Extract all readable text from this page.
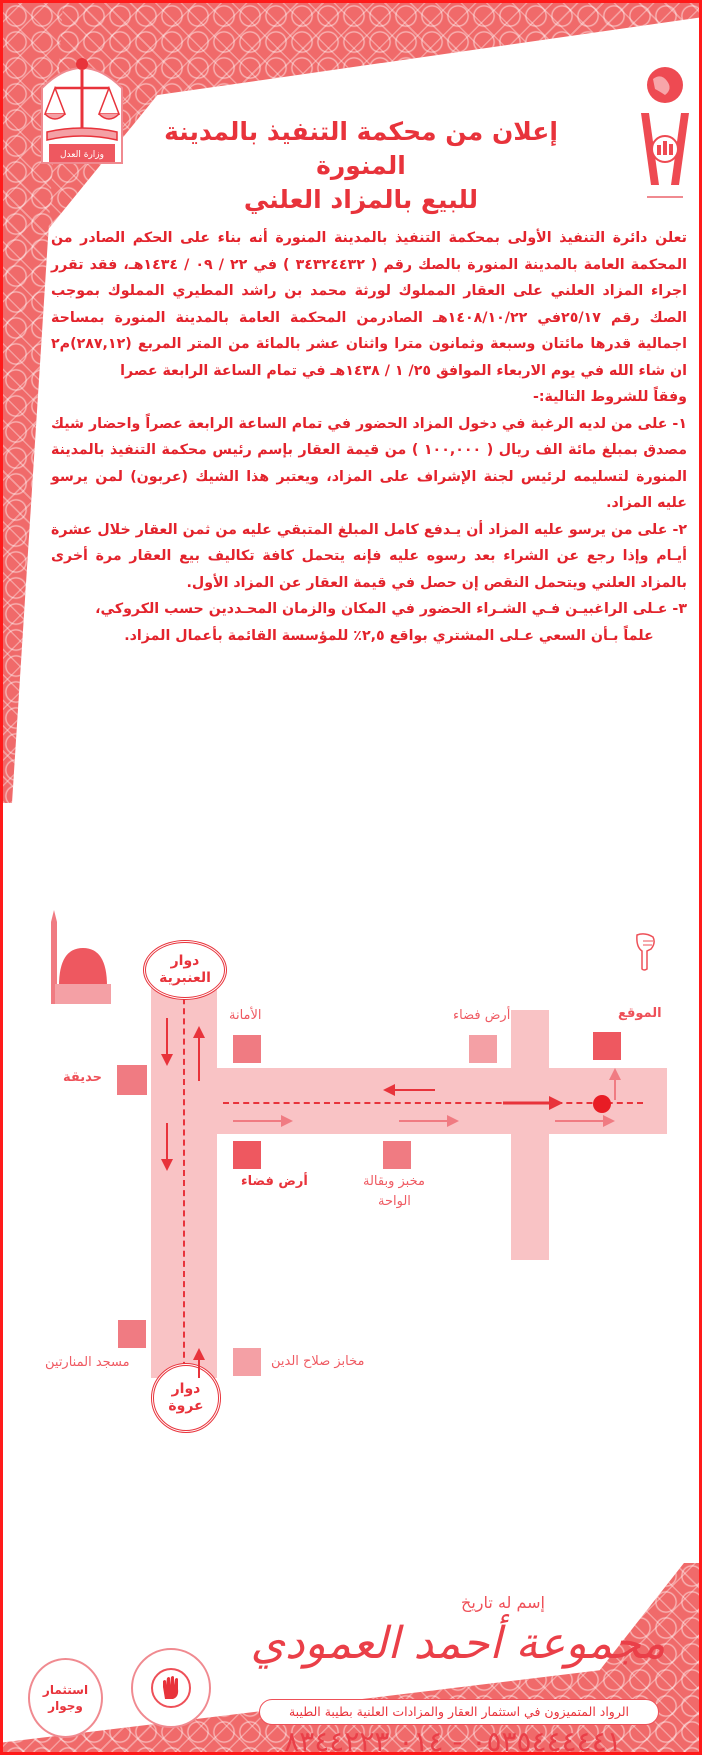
وزارة العدل
إعلان من محكمة التنفيذ بالمدينة المنورة
للبيع بالمزاد العلني

تعلن دائرة التنفيذ الأولى بمحكمة التنفيذ بالمدينة المنورة أنه بناء على الحكم الصادر من المحكمة العامة بالمدينة المنورة بالصك رقم ( ٣٤٣٢٤٤٣٢ ) في ٢٢ / ٠٩ / ١٤٣٤هـ، فقد تقرر اجراء المزاد العلني على العقار المملوك لورثة محمد بن راشد المطيري المملوك بموجب الصك رقم ٢٥/١٧في ١٤٠٨/١٠/٢٢هـ الصادرمن المحكمة العامة بالمدينة المنورة بمساحة اجمالية قدرها مائتان وسبعة وثمانون مترا واثنان عشر بالمائة من المتر المربع (٢٨٧,١٢)م٢ ان شاء الله في يوم الاربعاء الموافق ٢٥/ ١ / ١٤٣٨هـ في تمام الساعة الرابعة عصرا

وفقاً للشروط التالية:-

١- على من لديه الرغبة في دخول المزاد الحضور في تمام الساعة الرابعة عصراً واحضار شيك مصدق بمبلغ مائة الف ريال ( ١٠٠,٠٠٠ ) من قيمة العقار بإسم رئيس محكمة التنفيذ بالمدينة المنورة لتسليمه لرئيس لجنة الإشراف على المزاد، ويعتبر هذا الشيك (عربون) لمن يرسو عليه المزاد.

٢- على من يرسو عليه المزاد أن يـدفع كامل المبلغ المتبقي عليه من ثمن العقار خلال عشرة أيـام وإذا رجع عن الشراء بعد رسوه عليه فإنه يتحمل كافة تكاليف بيع العقار مرة أخرى بالمزاد العلني ويتحمل النقص إن حصل في قيمة العقار عن المزاد الأول.

٣- عـلى الراغبيـن فـي الشـراء الحضور في المكان والزمان المحـددين حسب الكروكي،

علماً بـأن السعي عـلى المشتري بواقع ٢,٥٪ للمؤسسة القائمة بأعمال المزاد.

دوار
العنبرية
دوار
عروة
الأمانة	أرض فضاء	الموقع
حديقة
أرض فضاء	مخبز وبقالة
الواحة
مسجد المنارتين	مخابز صلاح الدين
إسم له تاريخ
مجموعة أحمد العمودي
الرواد المتميزون في استثمار العقار والمزادات العلنية بطيبة الطيبة
٠٥٣٥٤٤٤٤٤١ - ٠١٤ ٨٣٤٤٢٢٣
استثمار
وجوار
